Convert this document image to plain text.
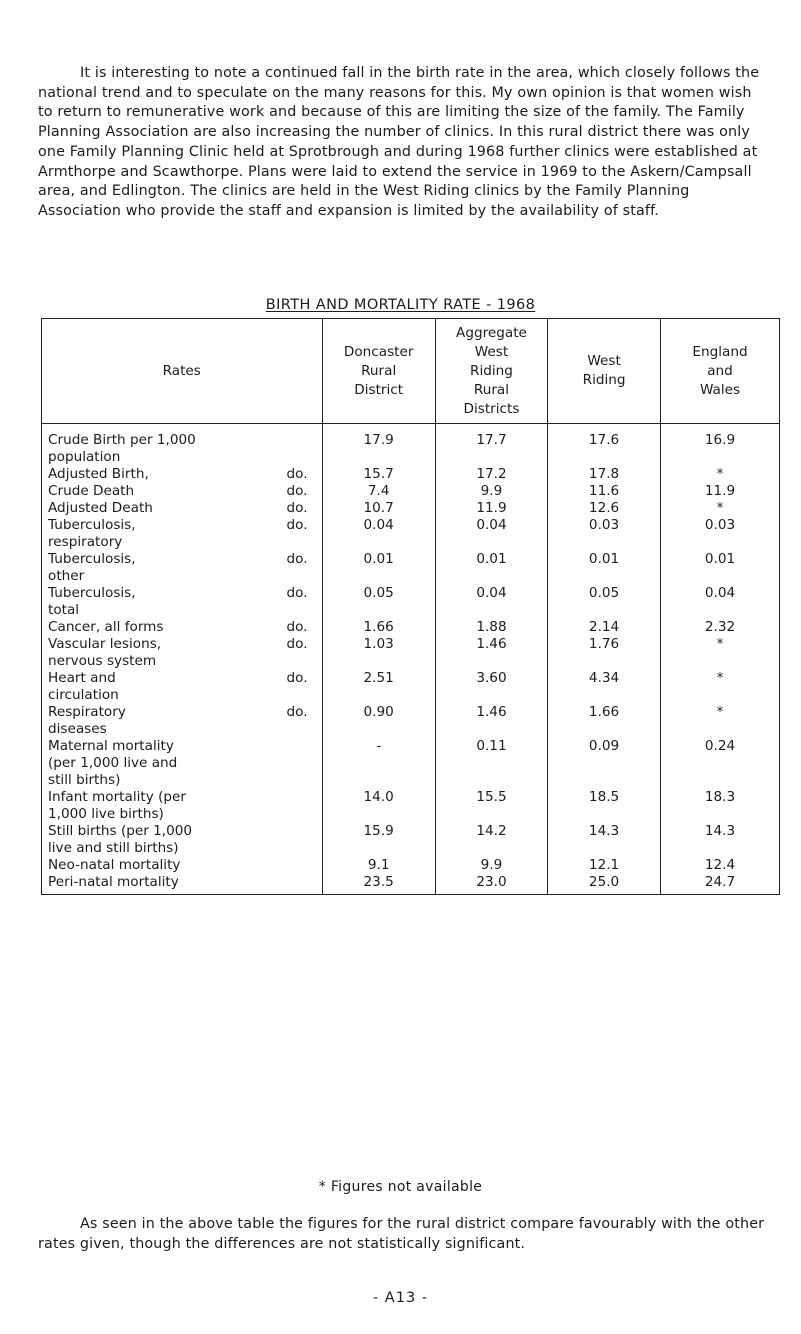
It is interesting to note a continued fall in the birth rate in the area, which closely follows the national trend and to speculate on the many reasons for this. My own opinion is that women wish to return to remunerative work and because of this are limiting the size of the family. The Family Planning Association are also increasing the number of clinics. In this rural district there was only one Family Planning Clinic held at Sprotbrough and during 1968 further clinics were established at Armthorpe and Scawthorpe. Plans were laid to extend the service in 1969 to the Askern/Campsall area, and Edlington. The clinics are held in the West Riding clinics by the Family Planning Association who provide the staff and expansion is limited by the availability of staff.

BIRTH AND MORTALITY RATE - 1968
Rates	Doncaster
Rural
District	Aggregate
West
Riding
Rural
Districts	West
Riding	England
and
Wales

Crude Birth per 1,000
population	17.9	17.7	17.6	16.9

Adjusted Birth, do.	15.7	17.2	17.8	*

Crude Death do.	7.4	9.9	11.6	11.9

Adjusted Death do.	10.7	11.9	12.6	*

Tuberculosis, do.
respiratory	0.04	0.04	0.03	0.03

Tuberculosis, do.
other	0.01	0.01	0.01	0.01

Tuberculosis, do.
total	0.05	0.04	0.05	0.04

Cancer, all forms do.	1.66	1.88	2.14	2.32

Vascular lesions, do.
nervous system	1.03	1.46	1.76	*

Heart and do.
circulation	2.51	3.60	4.34	*

Respiratory do.
diseases	0.90	1.46	1.66	*

Maternal mortality
(per 1,000 live and
still births)	-	0.11	0.09	0.24

Infant mortality (per
1,000 live births)	14.0	15.5	18.5	18.3

Still births (per 1,000
live and still births)	15.9	14.2	14.3	14.3

Neo-natal mortality	9.1	9.9	12.1	12.4

Peri-natal mortality	23.5	23.0	25.0	24.7
* Figures not available

As seen in the above table the figures for the rural district compare favourably with the other rates given, though the differences are not statistically significant.

- A13 -
